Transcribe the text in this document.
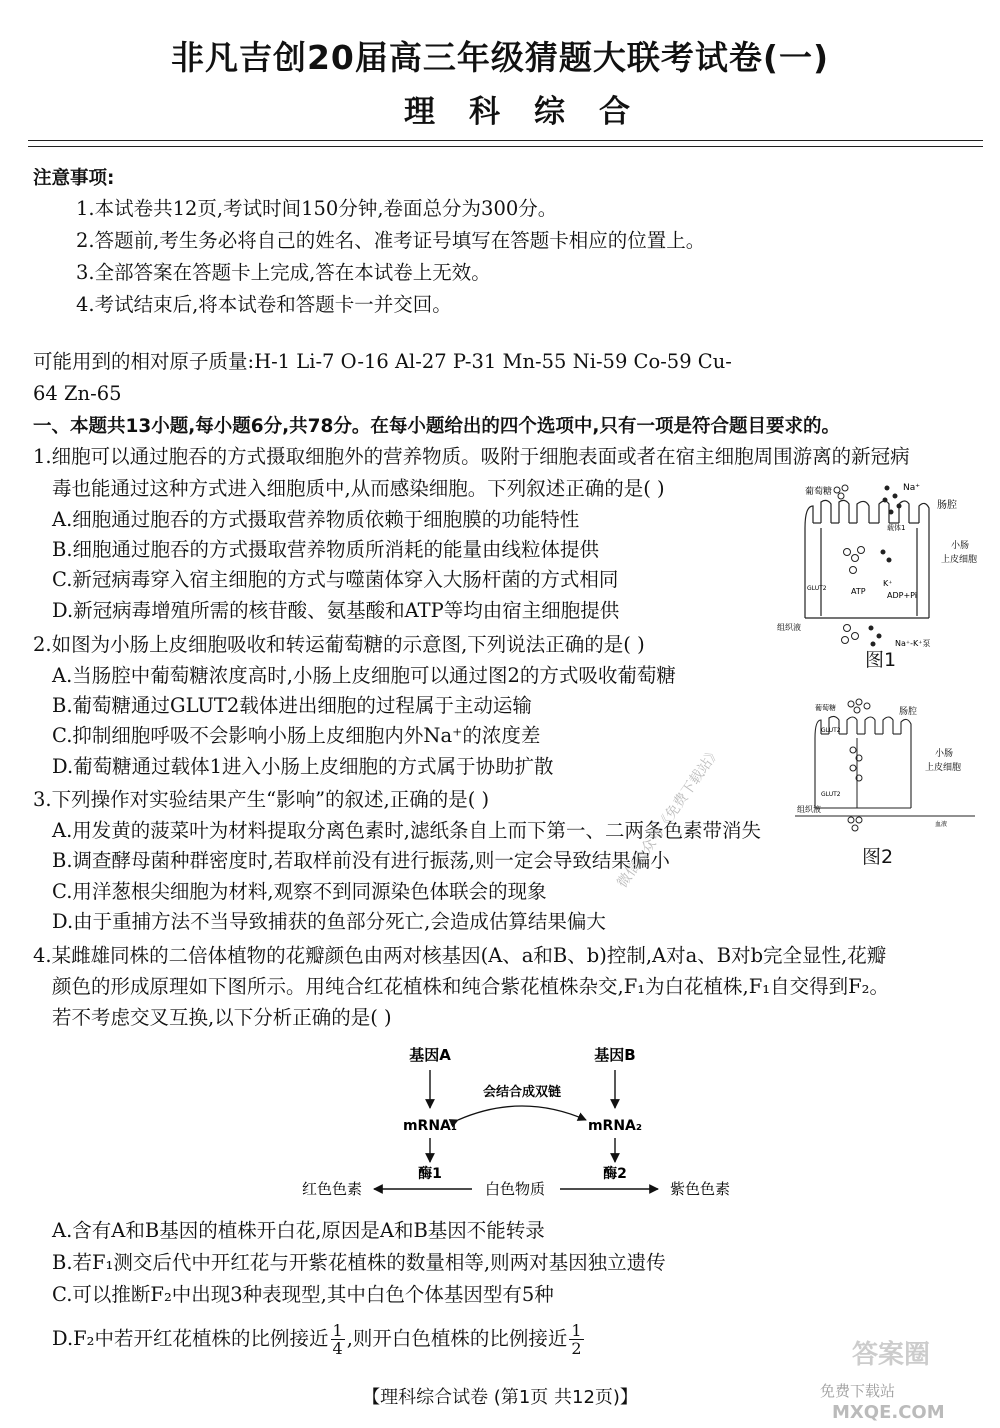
非凡吉创20届高三年级猜题大联考试卷(一)
理科综合
注意事项:
1.本试卷共12页,考试时间150分钟,卷面总分为300分。
2.答题前,考生务必将自己的姓名、准考证号填写在答题卡相应的位置上。
3.全部答案在答题卡上完成,答在本试卷上无效。
4.考试结束后,将本试卷和答题卡一并交回。
可能用到的相对原子质量:H-1 Li-7 O-16 Al-27 P-31 Mn-55 Ni-59 Co-59 Cu-
64 Zn-65
一、本题共13小题,每小题6分,共78分。在每小题给出的四个选项中,只有一项是符合题目要求的。
1.细胞可以通过胞吞的方式摄取细胞外的营养物质。吸附于细胞表面或者在宿主细胞周围游离的新冠病
毒也能通过这种方式进入细胞质中,从而感染细胞。下列叙述正确的是( )
A.细胞通过胞吞的方式摄取营养物质依赖于细胞膜的功能特性
B.细胞通过胞吞的方式摄取营养物质所消耗的能量由线粒体提供
C.新冠病毒穿入宿主细胞的方式与噬菌体穿入大肠杆菌的方式相同
D.新冠病毒增殖所需的核苷酸、氨基酸和ATP等均由宿主细胞提供
2.如图为小肠上皮细胞吸收和转运葡萄糖的示意图,下列说法正确的是( )
A.当肠腔中葡萄糖浓度高时,小肠上皮细胞可以通过图2的方式吸收葡萄糖
B.葡萄糖通过GLUT2载体进出细胞的过程属于主动运输
C.抑制细胞呼吸不会影响小肠上皮细胞内外Na⁺的浓度差
D.葡萄糖通过载体1进入小肠上皮细胞的方式属于协助扩散
3.下列操作对实验结果产生“影响”的叙述,正确的是( )
A.用发黄的菠菜叶为材料提取分离色素时,滤纸条自上而下第一、二两条色素带消失
B.调查酵母菌种群密度时,若取样前没有进行振荡,则一定会导致结果偏小
C.用洋葱根尖细胞为材料,观察不到同源染色体联会的现象
D.由于重捕方法不当导致捕获的鱼部分死亡,会造成估算结果偏大
4.某雌雄同株的二倍体植物的花瓣颜色由两对核基因(A、a和B、b)控制,A对a、B对b完全显性,花瓣
颜色的形成原理如下图所示。用纯合红花植株和纯合紫花植株杂交,F₁为白花植株,F₁自交得到F₂。
若不考虑交叉互换,以下分析正确的是( )
基因A	基因B
会结合成双链
mRNA₁	mRNA₂
酶1	酶2
白色物质
红色色素	紫色色素
A.含有A和B基因的植株开白花,原因是A和B基因不能转录
B.若F₁测交后代中开红花与开紫花植株的数量相等,则两对基因独立遗传
C.可以推断F₂中出现3种表现型,其中白色个体基因型有5种
D.F₂中若开红花植株的比例接近 $\frac{1}{4}$ ,则开白色植株的比例接近 $\frac{1}{2}$
葡萄糖	Na⁺
肠腔
载体1
小肠
上皮细胞
K⁺
ATP	ADP+Pi
GLUT2
组织液
Na⁺-K⁺泵
图1
葡萄糖	肠腔
GLUT2
GLUT2
小肠
上皮细胞
组织液
血液
图2
微信公众号《免费下载站》
答案圈
免费下载站
MXQE.COM
【理科综合试卷 (第1页 共12页)】
